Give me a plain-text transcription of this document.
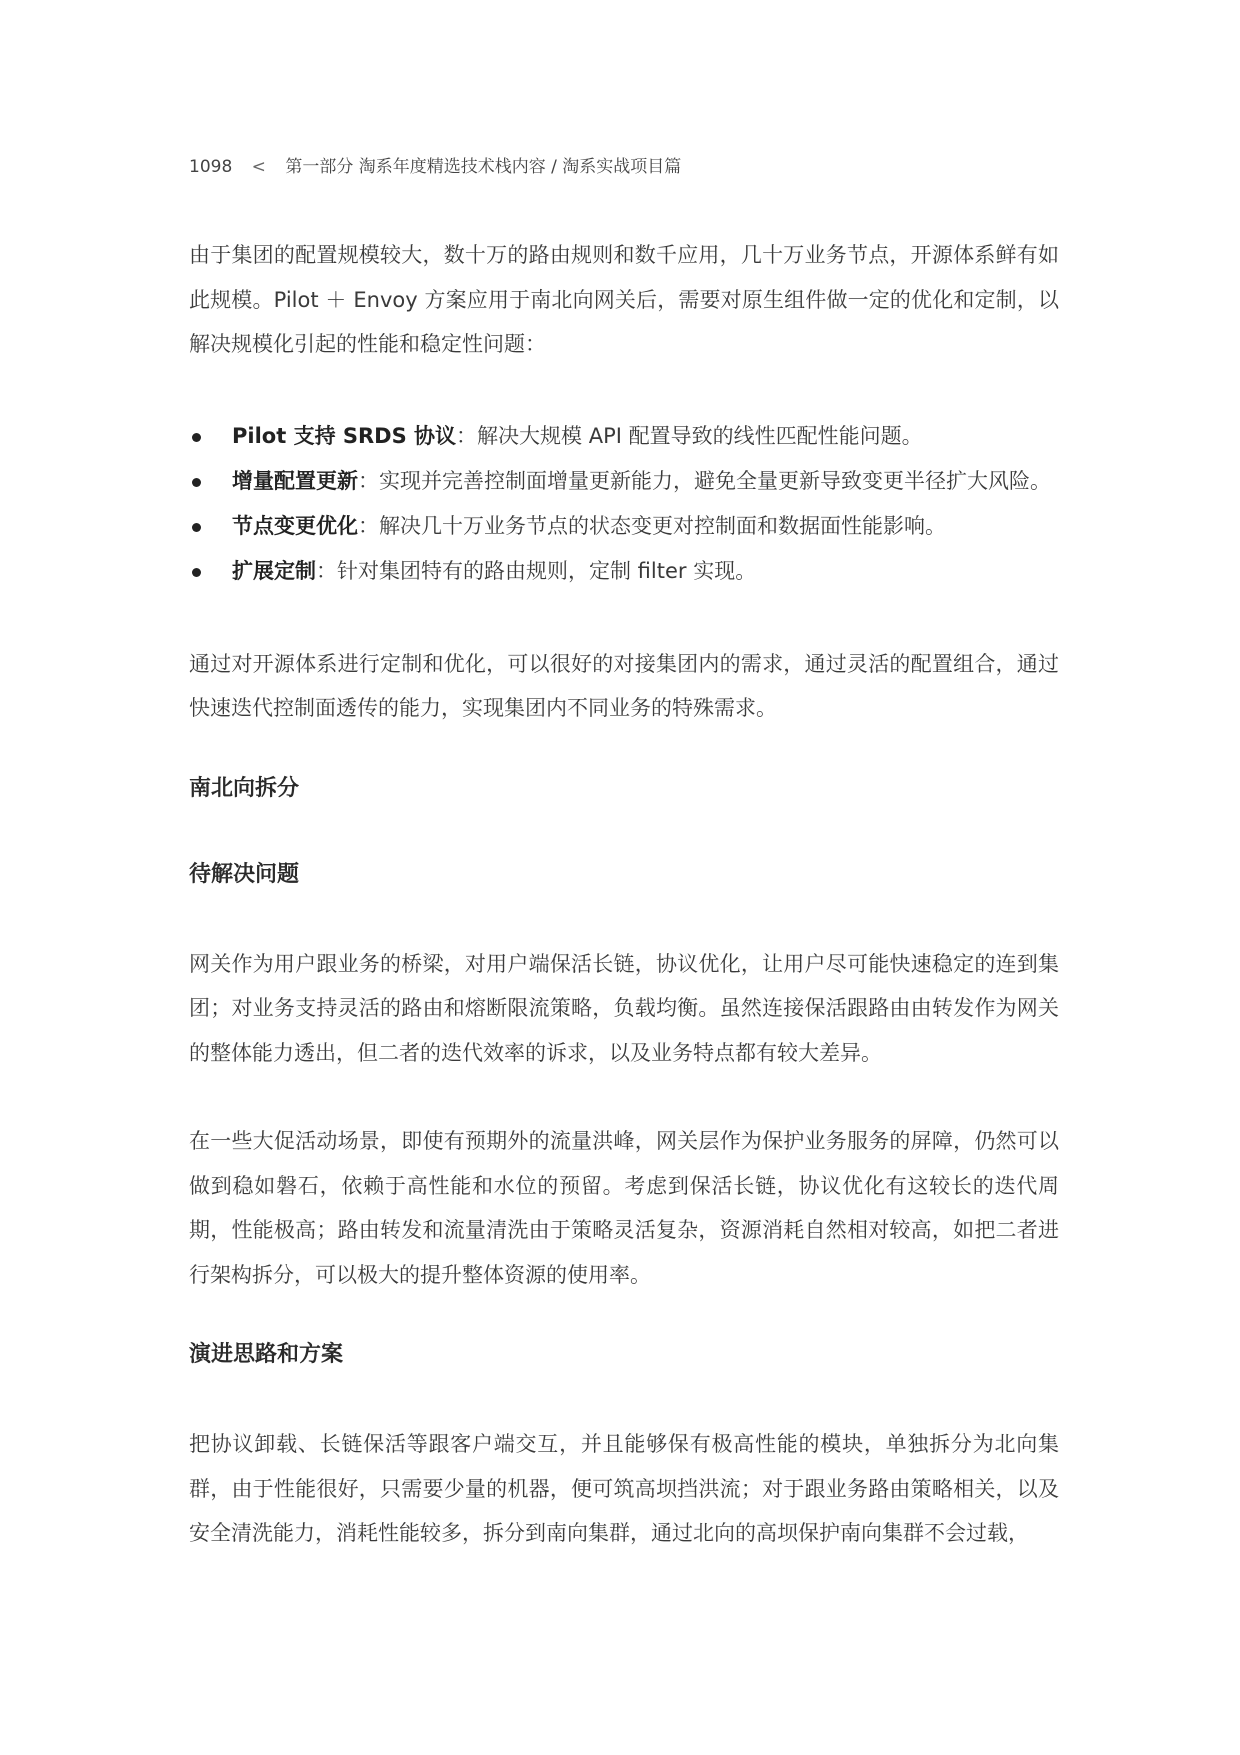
1098 < 第一部分 淘系年度精选技术栈内容 / 淘系实战项目篇

由于集团的配置规模较大，数十万的路由规则和数千应用，几十万业务节点，开源体系鲜有如此规模。Pilot ＋ Envoy 方案应用于南北向网关后，需要对原生组件做一定的优化和定制，以解决规模化引起的性能和稳定性问题：

Pilot 支持 SRDS 协议：解决大规模 API 配置导致的线性匹配性能问题。
增量配置更新：实现并完善控制面增量更新能力，避免全量更新导致变更半径扩大风险。
节点变更优化：解决几十万业务节点的状态变更对控制面和数据面性能影响。
扩展定制：针对集团特有的路由规则，定制 filter 实现。

通过对开源体系进行定制和优化，可以很好的对接集团内的需求，通过灵活的配置组合，通过快速迭代控制面透传的能力，实现集团内不同业务的特殊需求。

南北向拆分
待解决问题

网关作为用户跟业务的桥梁，对用户端保活长链，协议优化，让用户尽可能快速稳定的连到集团；对业务支持灵活的路由和熔断限流策略，负载均衡。虽然连接保活跟路由由转发作为网关的整体能力透出，但二者的迭代效率的诉求，以及业务特点都有较大差异。

在一些大促活动场景，即使有预期外的流量洪峰，网关层作为保护业务服务的屏障，仍然可以做到稳如磐石，依赖于高性能和水位的预留。考虑到保活长链，协议优化有这较长的迭代周期，性能极高；路由转发和流量清洗由于策略灵活复杂，资源消耗自然相对较高，如把二者进行架构拆分，可以极大的提升整体资源的使用率。

演进思路和方案

把协议卸载、长链保活等跟客户端交互，并且能够保有极高性能的模块，单独拆分为北向集群，由于性能很好，只需要少量的机器，便可筑高坝挡洪流；对于跟业务路由策略相关，以及安全清洗能力，消耗性能较多，拆分到南向集群，通过北向的高坝保护南向集群不会过载，
